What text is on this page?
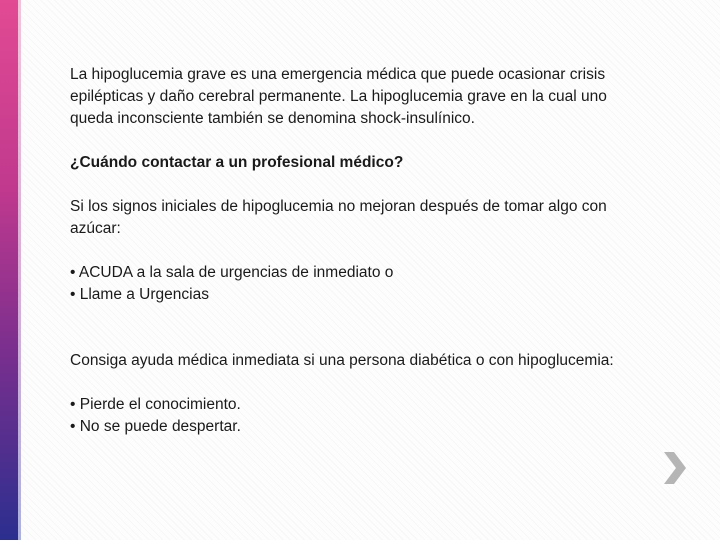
La hipoglucemia grave es una emergencia médica que puede ocasionar crisis
epilépticas y daño cerebral permanente. La hipoglucemia grave en la cual uno
queda inconsciente también se denomina shock-insulínico.

¿Cuándo contactar a un profesional médico?

Si los signos iniciales de hipoglucemia no mejoran después de tomar algo con
azúcar:

• ACUDA a la sala de urgencias de inmediato o
• Llame a Urgencias

Consiga ayuda médica inmediata si una persona diabética o con hipoglucemia:

• Pierde el conocimiento.
• No se puede despertar.
